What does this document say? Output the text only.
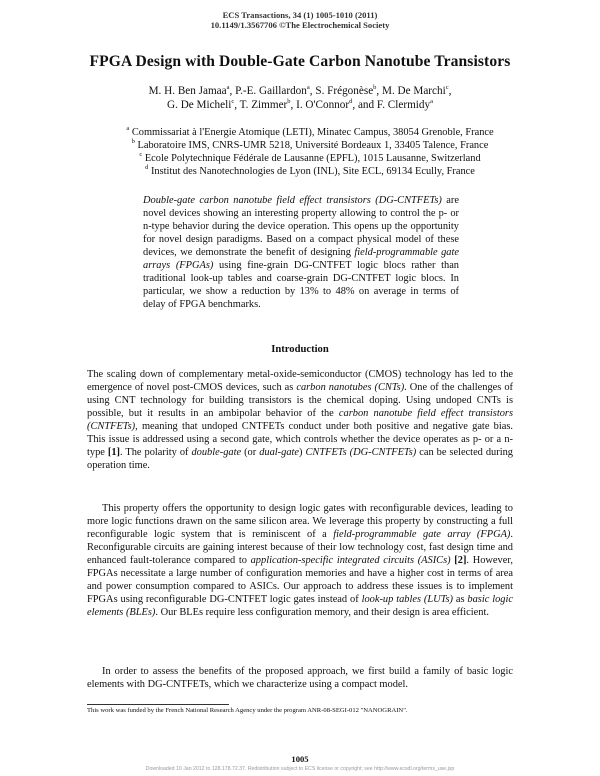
ECS Transactions, 34 (1) 1005-1010 (2011)
10.1149/1.3567706 ©The Electrochemical Society
FPGA Design with Double-Gate Carbon Nanotube Transistors
M. H. Ben Jamaa$^a$, P.-E. Gaillardon$^a$, S. Frégonèse$^b$, M. De Marchi$^c$,
G. De Micheli$^c$, T. Zimmer$^b$, I. O'Connor$^d$, and F. Clermidy$^a$
$^a$ Commissariat à l'Energie Atomique (LETI), Minatec Campus, 38054 Grenoble, France
$^b$ Laboratoire IMS, CNRS-UMR 5218, Université Bordeaux 1, 33405 Talence, France
$^c$ Ecole Polytechnique Fédérale de Lausanne (EPFL), 1015 Lausanne, Switzerland
$^d$ Institut des Nanotechnologies de Lyon (INL), Site ECL, 69134 Ecully, France
Double-gate carbon nanotube field effect transistors (DG-CNTFETs) are novel devices showing an interesting property allowing to control the p- or n-type behavior during the device operation. This opens up the opportunity for novel design paradigms. Based on a compact physical model of these devices, we demonstrate the benefit of designing field-programmable gate arrays (FPGAs) using fine-grain DG-CNTFET logic blocs rather than traditional look-up tables and coarse-grain DG-CNTFET logic blocs. In particular, we show a reduction by 13% to 48% on average in terms of delay of FPGA benchmarks.
Introduction
The scaling down of complementary metal-oxide-semiconductor (CMOS) technology has led to the emergence of novel post-CMOS devices, such as carbon nanotubes (CNTs). One of the challenges of using CNT technology for building transistors is the chemical doping. Using undoped CNTs is possible, but it results in an ambipolar behavior of the carbon nanotube field effect transistors (CNTFETs), meaning that undoped CNTFETs conduct under both positive and negative gate bias. This issue is addressed using a second gate, which controls whether the device operates as p- or a n-type [1]. The polarity of double-gate (or dual-gate) CNTFETs (DG-CNTFETs) can be selected during operation time.
This property offers the opportunity to design logic gates with reconfigurable devices, leading to more logic functions drawn on the same silicon area. We leverage this property by constructing a full reconfigurable logic system that is reminiscent of a field-programmable gate array (FPGA). Reconfigurable circuits are gaining interest because of their low technology cost, fast design time and enhanced fault-tolerance compared to application-specific integrated circuits (ASICs) [2]. However, FPGAs necessitate a large number of configuration memories and have a higher cost in terms of area and power consumption compared to ASICs. Our approach to address these issues is to implement FPGAs using reconfigurable DG-CNTFET logic gates instead of look-up tables (LUTs) as basic logic elements (BLEs). Our BLEs require less configuration memory, and their design is area efficient.
In order to assess the benefits of the proposed approach, we first build a family of basic logic elements with DG-CNTFETs, which we characterize using a compact model.
This work was funded by the French National Research Agency under the program ANR-08-SEGI-012 "NANOGRAIN".
1005
Downloaded 10 Jan 2012 to 128.178.72.37. Redistribution subject to ECS license or copyright; see http://www.ecsdl.org/terms_use.jsp
